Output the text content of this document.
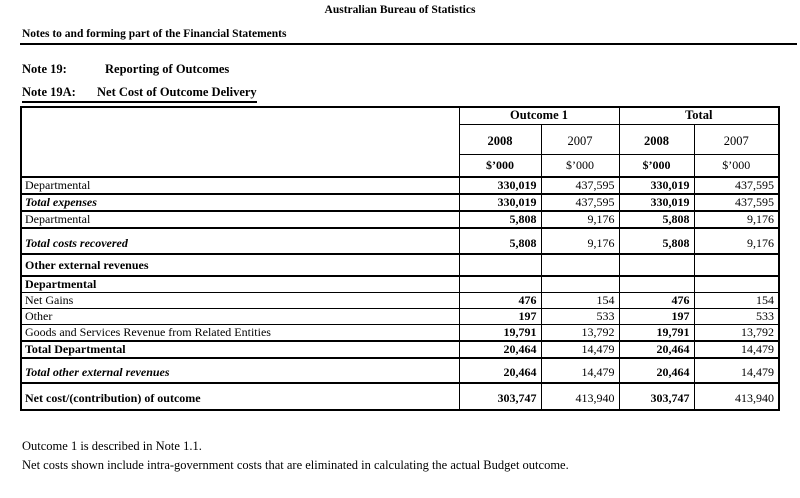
Australian Bureau of Statistics
Notes to and forming part of the Financial Statements
Note 19:	Reporting of Outcomes
Note 19A: Net Cost of Outcome Delivery
	Outcome 1		Total	
	2008	2007	2008	2007
	$’000	$’000	$’000	$’000
Departmental	330,019	437,595	330,019	437,595
Total expenses	330,019	437,595	330,019	437,595
Departmental	5,808	9,176	5,808	9,176
Total costs recovered	5,808	9,176	5,808	9,176
Other external revenues				
Departmental				
Net Gains	476	154	476	154
Other	197	533	197	533
Goods and Services Revenue from Related Entities	19,791	13,792	19,791	13,792
Total Departmental	20,464	14,479	20,464	14,479
Total other external revenues	20,464	14,479	20,464	14,479
Net cost/(contribution) of outcome	303,747	413,940	303,747	413,940
Outcome 1 is described in Note 1.1.
Net costs shown include intra-government costs that are eliminated in calculating the actual Budget outcome.
